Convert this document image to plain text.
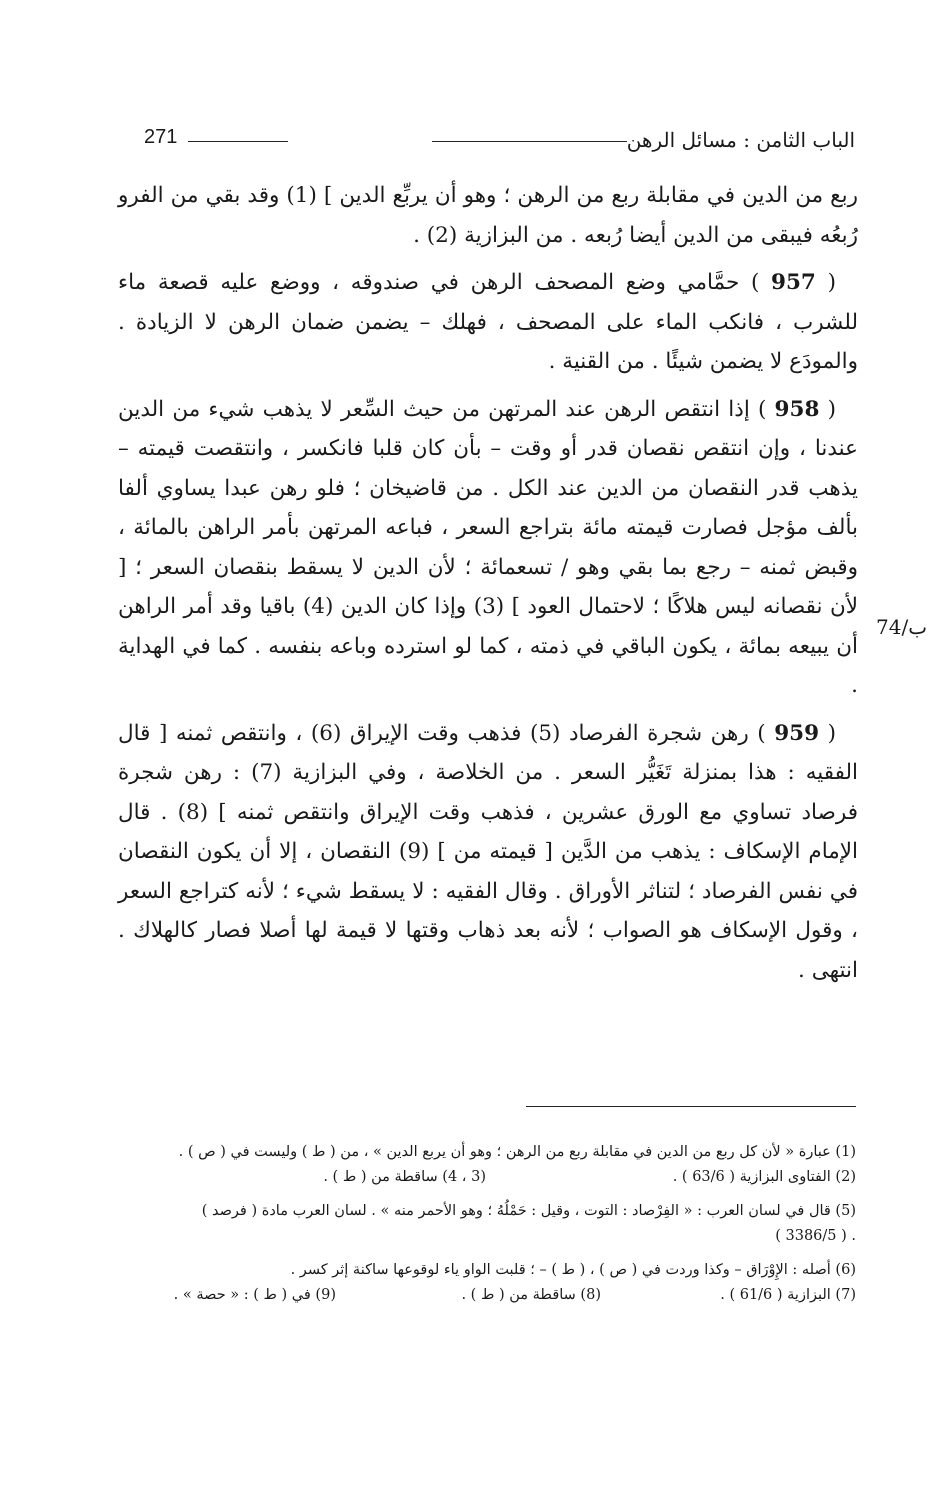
الباب الثامن : مسائل الرهن
271
74/ب

ربع من الدين في مقابلة ربع من الرهن ؛ وهو أن يربِّع الدين ] (1) وقد بقي من الفرو رُبعُه فيبقى من الدين أيضا رُبعه . من البزازية (2) .

( 957 ) حمَّامي وضع المصحف الرهن في صندوقه ، ووضع عليه قصعة ماء للشرب ، فانكب الماء على المصحف ، فهلك – يضمن ضمان الرهن لا الزيادة . والمودَع لا يضمن شيئًا . من القنية .

( 958 ) إذا انتقص الرهن عند المرتهن من حيث السِّعر لا يذهب شيء من الدين عندنا ، وإن انتقص نقصان قدر أو وقت – بأن كان قلبا فانكسر ، وانتقصت قيمته – يذهب قدر النقصان من الدين عند الكل . من قاضيخان ؛ فلو رهن عبدا يساوي ألفا بألف مؤجل فصارت قيمته مائة بتراجع السعر ، فباعه المرتهن بأمر الراهن بالمائة ، وقبض ثمنه – رجع بما بقي وهو / تسعمائة ؛ لأن الدين لا يسقط بنقصان السعر ؛ [ لأن نقصانه ليس هلاكًا ؛ لاحتمال العود ] (3) وإذا كان الدين (4) باقيا وقد أمر الراهن أن يبيعه بمائة ، يكون الباقي في ذمته ، كما لو استرده وباعه بنفسه . كما في الهداية .

( 959 ) رهن شجرة الفرصاد (5) فذهب وقت الإيراق (6) ، وانتقص ثمنه [ قال الفقيه : هذا بمنزلة تَغَيُّر السعر . من الخلاصة ، وفي البزازية (7) : رهن شجرة فرصاد تساوي مع الورق عشرين ، فذهب وقت الإيراق وانتقص ثمنه ] (8) . قال الإمام الإسكاف : يذهب من الدَّين [ قيمته من ] (9) النقصان ، إلا أن يكون النقصان في نفس الفرصاد ؛ لتناثر الأوراق . وقال الفقيه : لا يسقط شيء ؛ لأنه كتراجع السعر ، وقول الإسكاف هو الصواب ؛ لأنه بعد ذهاب وقتها لا قيمة لها أصلا فصار كالهلاك . انتهى .

(1) عبارة « لأن كل ربع من الدين في مقابلة ربع من الرهن ؛ وهو أن يربع الدين » ، من ( ط ) وليست في ( ص ) .
(2) الفتاوى البزازية ( 63/6 ) .
(3 ، 4) ساقطة من ( ط ) .
(5) قال في لسان العرب : « الفِرْصاد : التوت ، وقيل : حَمْلُهُ ؛ وهو الأحمر منه » . لسان العرب مادة ( فرصد )
. ( 3386/5 )
(6) أصله : الإِوْرَاق – وكذا وردت في ( ص ) ، ( ط ) – ؛ قلبت الواو ياء لوقوعها ساكنة إثر كسر .
(7) البزازية ( 61/6 ) .
(8) ساقطة من ( ط ) .
(9) في ( ط ) : « حصة » .
